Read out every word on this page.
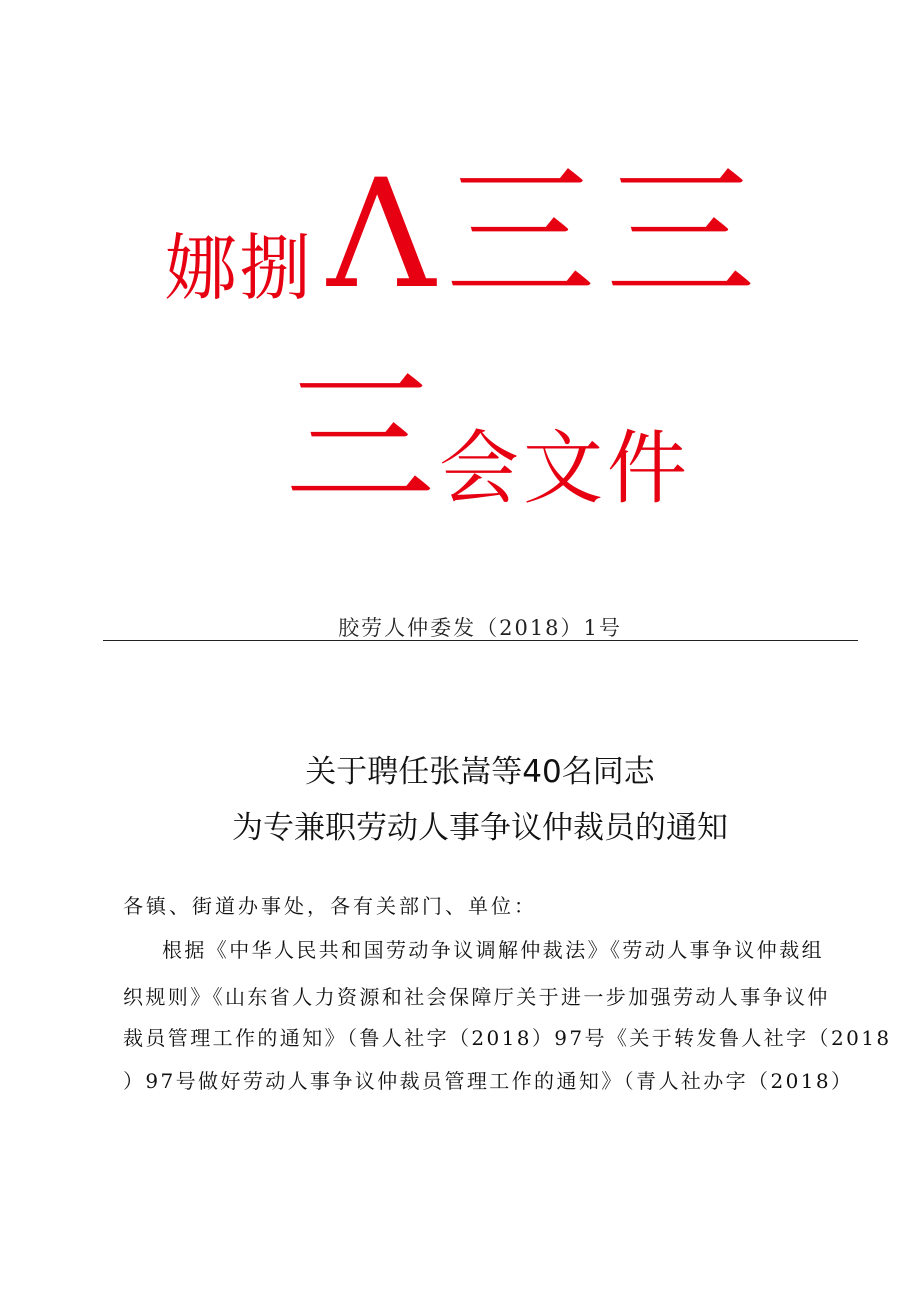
娜捌 Λ三三
三 会文件
胶劳人仲委发（2018）1号
关于聘任张嵩等40名同志
为专兼职劳动人事争议仲裁员的通知
各镇、街道办事处，各有关部门、单位：
根据《中华人民共和国劳动争议调解仲裁法》《劳动人事争议仲裁组
织规则》《山东省人力资源和社会保障厅关于进一步加强劳动人事争议仲
裁员管理工作的通知》（鲁人社字（2018）97号《关于转发鲁人社字（2018
）97号做好劳动人事争议仲裁员管理工作的通知》（青人社办字（2018）
